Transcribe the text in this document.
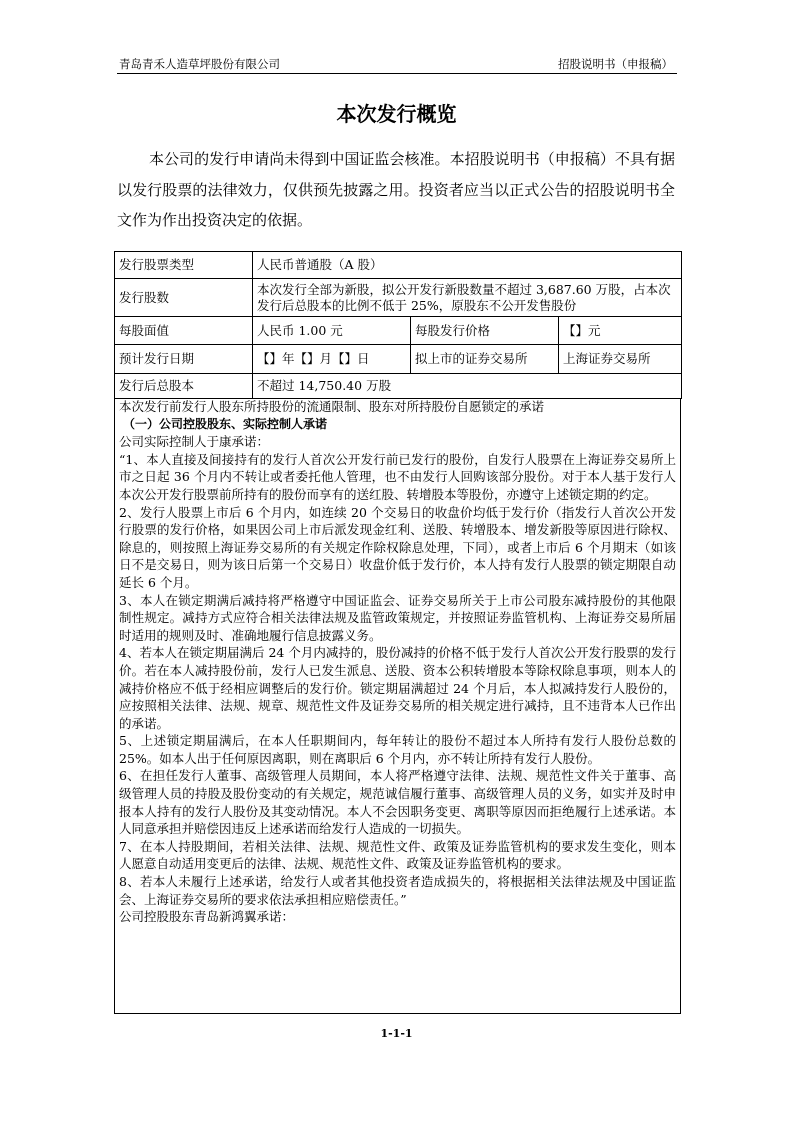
青岛青禾人造草坪股份有限公司	招股说明书（申报稿）
本次发行概览

本公司的发行申请尚未得到中国证监会核准。本招股说明书（申报稿）不具有据以发行股票的法律效力，仅供预先披露之用。投资者应当以正式公告的招股说明书全文作为作出投资决定的依据。

发行股票类型	人民币普通股（A 股）		
发行股数	本次发行全部为新股，拟公开发行新股数量不超过 3,687.60 万股，占本次发行后总股本的比例不低于 25%，原股东不公开发售股份		
每股面值	人民币 1.00 元	每股发行价格	【】元
预计发行日期	【】年【】月【】日	拟上市的证券交易所	上海证券交易所
发行后总股本	不超过 14,750.40 万股		

本次发行前发行人股东所持股份的流通限制、股东对所持股份自愿锁定的承诺

（一）公司控股股东、实际控制人承诺

公司实际控制人于康承诺：

“1、本人直接及间接持有的发行人首次公开发行前已发行的股份，自发行人股票在上海证券交易所上市之日起 36 个月内不转让或者委托他人管理，也不由发行人回购该部分股份。对于本人基于发行人本次公开发行股票前所持有的股份而享有的送红股、转增股本等股份，亦遵守上述锁定期的约定。

2、发行人股票上市后 6 个月内，如连续 20 个交易日的收盘价均低于发行价（指发行人首次公开发行股票的发行价格，如果因公司上市后派发现金红利、送股、转增股本、增发新股等原因进行除权、除息的，则按照上海证券交易所的有关规定作除权除息处理，下同），或者上市后 6 个月期末（如该日不是交易日，则为该日后第一个交易日）收盘价低于发行价，本人持有发行人股票的锁定期限自动延长 6 个月。

3、本人在锁定期满后减持将严格遵守中国证监会、证券交易所关于上市公司股东减持股份的其他限制性规定。减持方式应符合相关法律法规及监管政策规定，并按照证券监管机构、上海证券交易所届时适用的规则及时、准确地履行信息披露义务。

4、若本人在锁定期届满后 24 个月内减持的，股份减持的价格不低于发行人首次公开发行股票的发行价。若在本人减持股份前，发行人已发生派息、送股、资本公积转增股本等除权除息事项，则本人的减持价格应不低于经相应调整后的发行价。锁定期届满超过 24 个月后，本人拟减持发行人股份的，应按照相关法律、法规、规章、规范性文件及证券交易所的相关规定进行减持，且不违背本人已作出的承诺。

5、上述锁定期届满后，在本人任职期间内，每年转让的股份不超过本人所持有发行人股份总数的 25%。如本人出于任何原因离职，则在离职后 6 个月内，亦不转让所持有发行人股份。

6、在担任发行人董事、高级管理人员期间，本人将严格遵守法律、法规、规范性文件关于董事、高级管理人员的持股及股份变动的有关规定，规范诚信履行董事、高级管理人员的义务，如实并及时申报本人持有的发行人股份及其变动情况。本人不会因职务变更、离职等原因而拒绝履行上述承诺。本人同意承担并赔偿因违反上述承诺而给发行人造成的一切损失。

7、在本人持股期间，若相关法律、法规、规范性文件、政策及证券监管机构的要求发生变化，则本人愿意自动适用变更后的法律、法规、规范性文件、政策及证券监管机构的要求。

8、若本人未履行上述承诺，给发行人或者其他投资者造成损失的，将根据相关法律法规及中国证监会、上海证券交易所的要求依法承担相应赔偿责任。”

公司控股股东青岛新鸿翼承诺：

1-1-1
